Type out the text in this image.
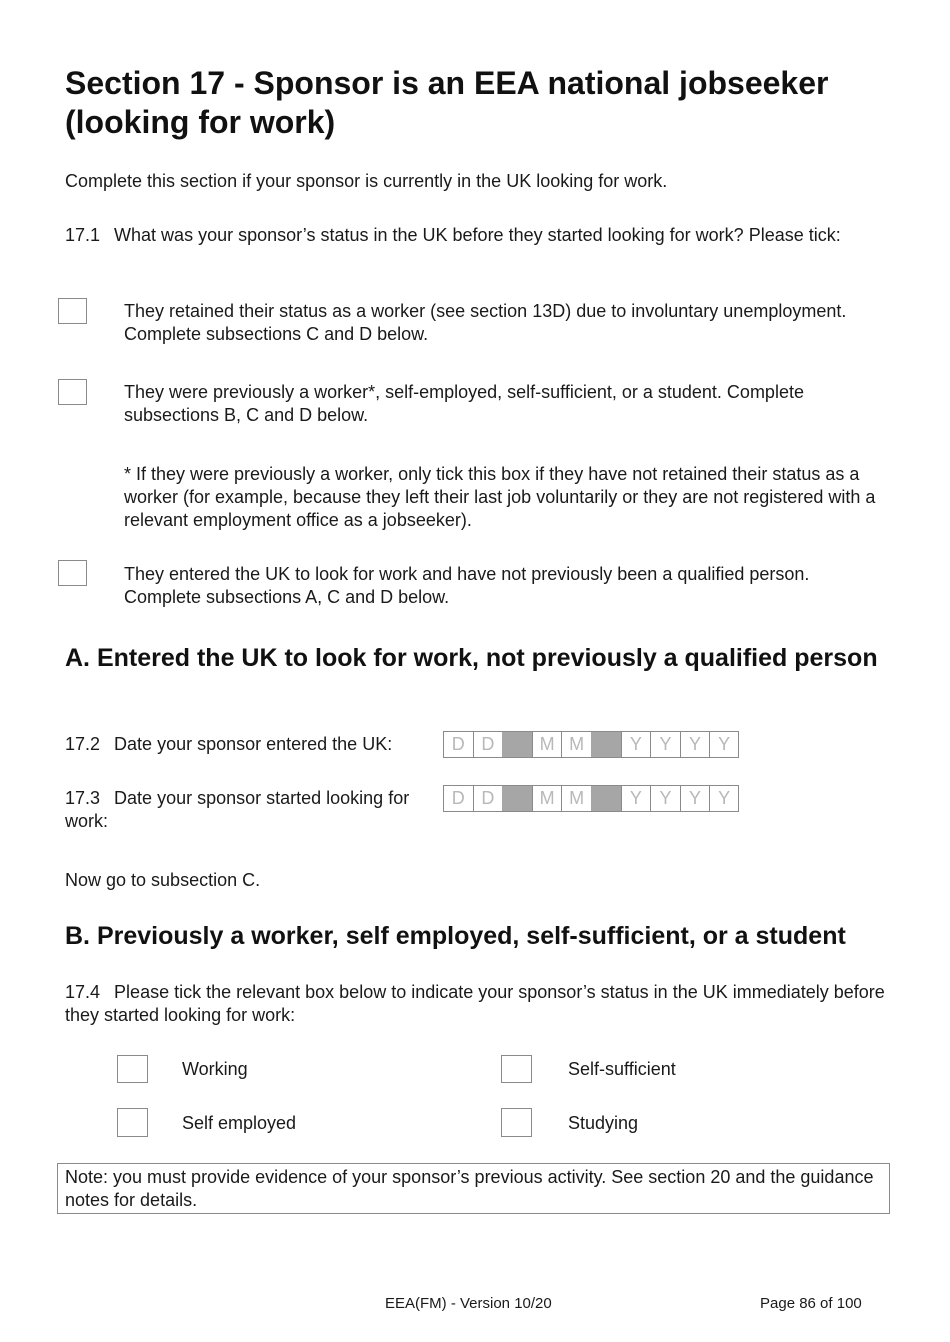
Section 17 - Sponsor is an EEA national jobseeker (looking for work)
Complete this section if your sponsor is currently in the UK looking for work.
17.1 What was your sponsor’s status in the UK before they started looking for work? Please tick:
They retained their status as a worker (see section 13D) due to involuntary unemployment. Complete subsections C and D below.
They were previously a worker*, self-employed, self-sufficient, or a student. Complete subsections B, C and D below.
* If they were previously a worker, only tick this box if they have not retained their status as a worker (for example, because they left their last job voluntarily or they are not registered with a relevant employment office as a jobseeker).
They entered the UK to look for work and have not previously been a qualified person. Complete subsections A, C and D below.
A. Entered the UK to look for work, not previously a qualified person
17.2 Date your sponsor entered the UK:	D D	M M	Y Y Y Y
17.3 Date your sponsor started looking for work:
D D	M M	Y Y Y Y
Now go to subsection C.
B. Previously a worker, self employed, self-sufficient, or a student
17.4 Please tick the relevant box below to indicate your sponsor’s status in the UK immediately before they started looking for work:
Working
Self employed
Self-sufficient
Studying
Note: you must provide evidence of your sponsor’s previous activity. See section 20 and the guidance notes for details.
EEA(FM) - Version 10/20	Page 86 of 100
